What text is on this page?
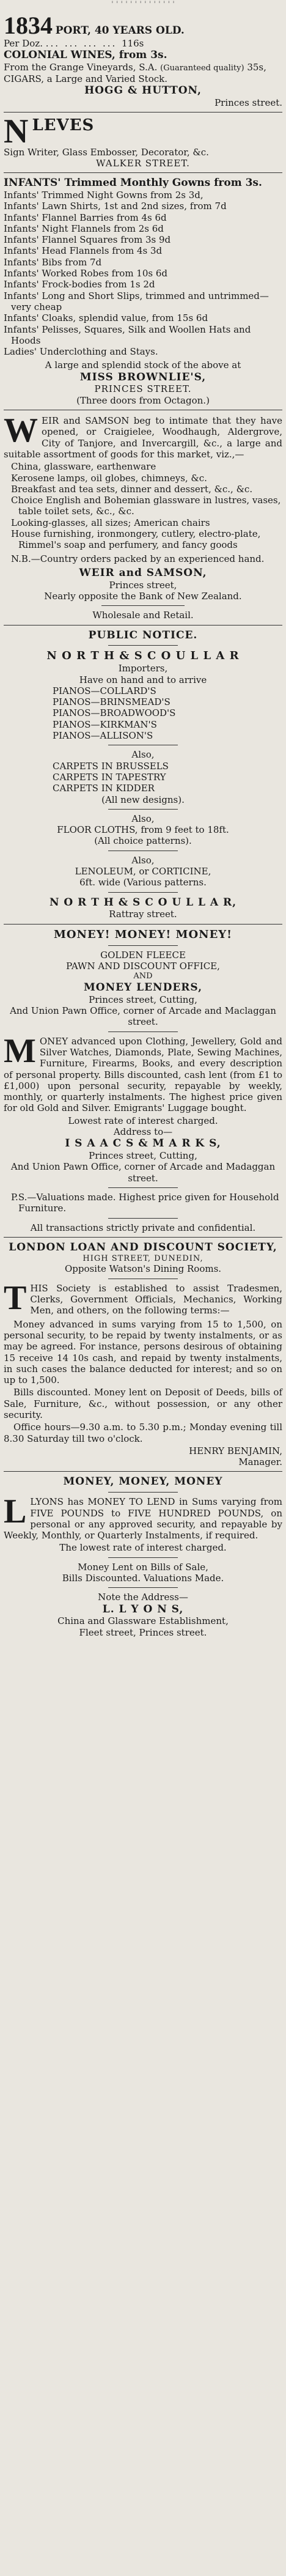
' ' ' ' ' ' ' ' ' ' ' ' ' '
1834 PORT, 40 YEARS OLD.
Per Doz. ... ... ... ... 116s
COLONIAL WINES, from 3s.
From the Grange Vineyards, S.A. (Guaranteed quality) 35s,
CIGARS, a Large and Varied Stock.
HOGG & HUTTON,
Princes street.
N LEVES
Sign Writer, Glass Embosser, Decorator, &c.
WALKER STREET.
INFANTS' Trimmed Monthly Gowns from 3s.
Infants' Trimmed Night Gowns from 2s 3d,
Infants' Lawn Shirts, 1st and 2nd sizes, from 7d
Infants' Flannel Barries from 4s 6d
Infants' Night Flannels from 2s 6d
Infants' Flannel Squares from 3s 9d
Infants' Head Flannels from 4s 3d
Infants' Bibs from 7d
Infants' Worked Robes from 10s 6d
Infants' Frock-bodies from 1s 2d
Infants' Long and Short Slips, trimmed and untrimmed—very cheap
Infants' Cloaks, splendid value, from 15s 6d
Infants' Pelisses, Squares, Silk and Woollen Hats and Hoods
Ladies' Underclothing and Stays.
A large and splendid stock of the above at
MISS BROWNLIE'S,
PRINCES STREET.
(Three doors from Octagon.)

W EIR and SAMSON beg to intimate that they have opened, or Craigielee, Woodhaugh, Aldergrove, City of Tanjore, and Invercargill, &c., a large and suitable assortment of goods for this market, viz.,—

China, glassware, earthenware
Kerosene lamps, oil globes, chimneys, &c.
Breakfast and tea sets, dinner and dessert, &c., &c.
Choice English and Bohemian glassware in lustres, vases, table toilet sets, &c., &c.
Looking-glasses, all sizes; American chairs
House furnishing, ironmongery, cutlery, electro-plate, Rimmel's soap and perfumery, and fancy goods
N.B.—Country orders packed by an experienced hand.
WEIR and SAMSON,
Princes street,
Nearly opposite the Bank of New Zealand.
Wholesale and Retail.
PUBLIC NOTICE.
N O R T H & S C O U L L A R
Importers,
Have on hand and to arrive
PIANOS—COLLARD'S
PIANOS—BRINSMEAD'S
PIANOS—BROADWOOD'S
PIANOS—KIRKMAN'S
PIANOS—ALLISON'S
Also,
CARPETS IN BRUSSELS
CARPETS IN TAPESTRY
CARPETS IN KIDDER
(All new designs).
Also,
FLOOR CLOTHS, from 9 feet to 18ft.
(All choice patterns).
Also,
LENOLEUM, or CORTICINE,
6ft. wide (Various patterns.
N O R T H & S C O U L L A R,
Rattray street.
MONEY! MONEY! MONEY!
GOLDEN FLEECE
PAWN AND DISCOUNT OFFICE,
AND
MONEY LENDERS,
Princes street, Cutting,
And Union Pawn Office, corner of Arcade and Maclaggan street.

M ONEY advanced upon Clothing, Jewellery, Gold and Silver Watches, Diamonds, Plate, Sewing Machines, Furniture, Firearms, Books, and every description of personal property. Bills discounted, cash lent (from £1 to £1,000) upon personal security, repayable by weekly, monthly, or quarterly instalments. The highest price given for old Gold and Silver. Emigrants' Luggage bought.

Lowest rate of interest charged.
Address to—
I S A A C S & M A R K S,
Princes street, Cutting,
And Union Pawn Office, corner of Arcade and Madaggan street.
P.S.—Valuations made. Highest price given for Household Furniture.
All transactions strictly private and confidential.
LONDON LOAN AND DISCOUNT SOCIETY,
HIGH STREET, DUNEDIN,
Opposite Watson's Dining Rooms.

T HIS Society is established to assist Tradesmen, Clerks, Government Officials, Mechanics, Working Men, and others, on the following terms:—

Money advanced in sums varying from 15 to 1,500, on personal security, to be repaid by twenty instalments, or as may be agreed. For instance, persons desirous of obtaining 15 receive 14 10s cash, and repaid by twenty instalments, in such cases the balance deducted for interest; and so on up to 1,500.

Bills discounted. Money lent on Deposit of Deeds, bills of Sale, Furniture, &c., without possession, or any other security.

Office hours—9.30 a.m. to 5.30 p.m.; Monday evening till 8.30 Saturday till two o'clock.

HENRY BENJAMIN,
Manager.
MONEY, MONEY, MONEY

L LYONS has MONEY TO LEND in Sums varying from FIVE POUNDS to FIVE HUNDRED POUNDS, on personal or any approved security, and repayable by Weekly, Monthly, or Quarterly Instalments, if required.

The lowest rate of interest charged.
Money Lent on Bills of Sale,
Bills Discounted. Valuations Made.
Note the Address—
L. L Y O N S,
China and Glassware Establishment,
Fleet street, Princes street.
